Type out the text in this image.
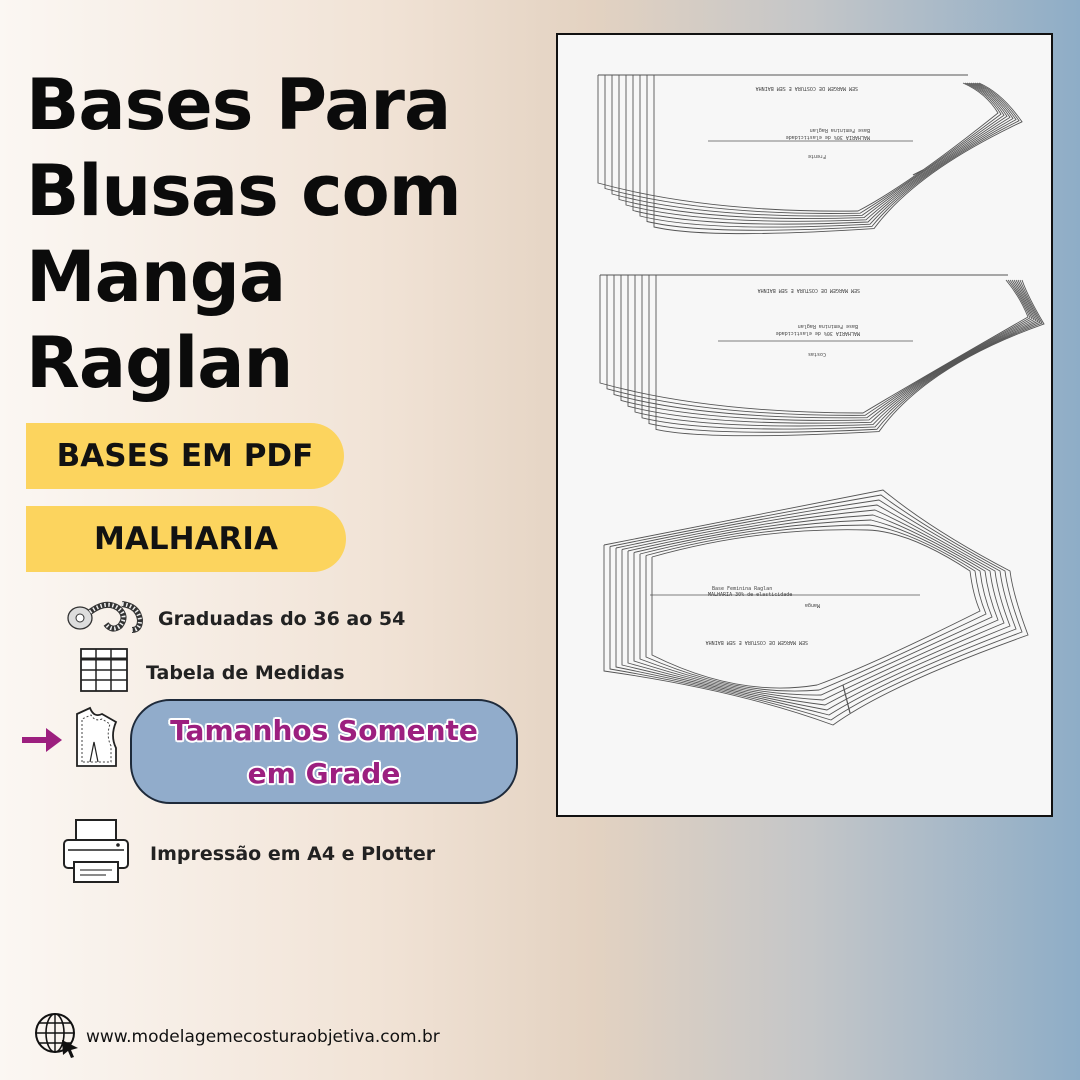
Bases Para
Blusas com
Manga
Raglan
BASES EM PDF
MALHARIA
Graduadas do 36 ao 54
Tabela de Medidas
Tamanhos Somente
em Grade
Impressão em A4 e Plotter
www.modelagemecosturaobjetiva.com.br
SEM MARGEM DE COSTURA E SEM BAINHA
Base Feminina Raglan
MALHARIA 30% de elasticidade
Frente
SEM MARGEM DE COSTURA E SEM BAINHA
Base Feminina Raglan
MALHARIA 30% de elasticidade
Costas
Base Feminina Raglan
MALHARIA 30% de elasticidade
Manga
SEM MARGEM DE COSTURA E SEM BAINHA
